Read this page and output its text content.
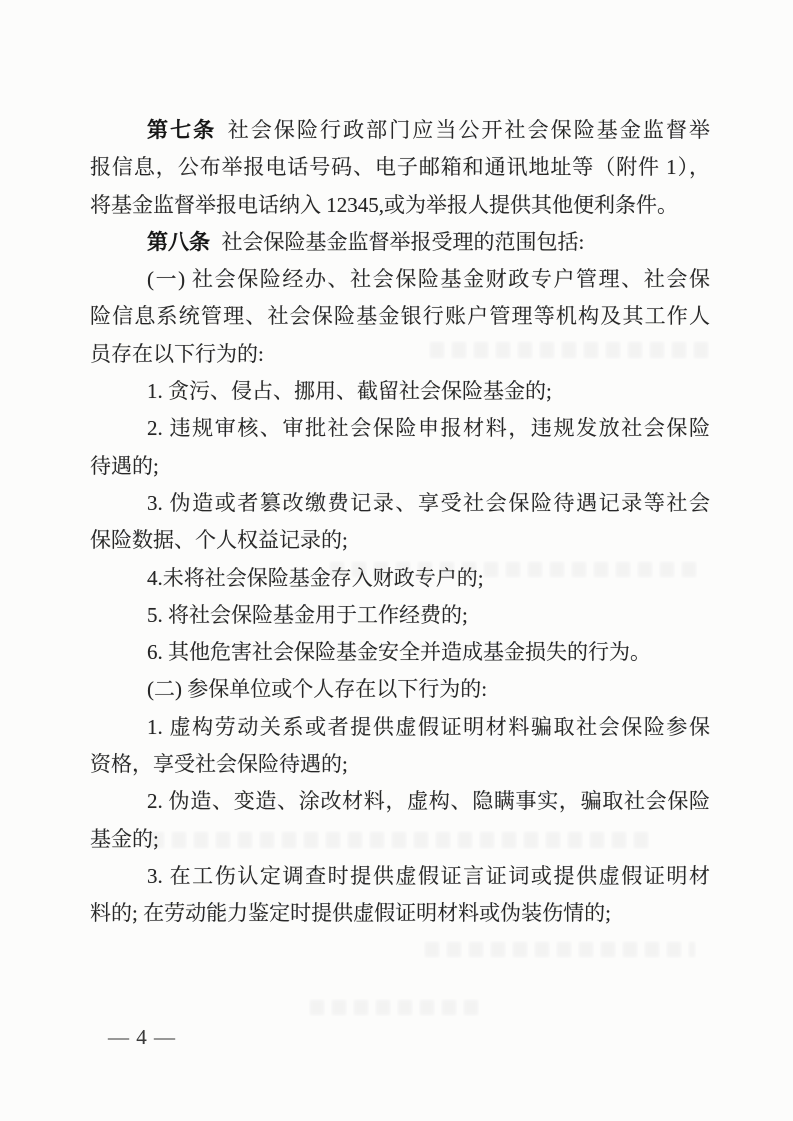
第七条 社会保险行政部门应当公开社会保险基金监督举
报信息，公布举报电话号码、电子邮箱和通讯地址等（附件 1），
将基金监督举报电话纳入 12345,或为举报人提供其他便利条件。
第八条 社会保险基金监督举报受理的范围包括:
(一) 社会保险经办、社会保险基金财政专户管理、社会保
险信息系统管理、社会保险基金银行账户管理等机构及其工作人
员存在以下行为的:
1. 贪污、侵占、挪用、截留社会保险基金的;
2. 违规审核、审批社会保险申报材料，违规发放社会保险
待遇的;
3. 伪造或者篡改缴费记录、享受社会保险待遇记录等社会
保险数据、个人权益记录的;
4.未将社会保险基金存入财政专户的;
5. 将社会保险基金用于工作经费的;
6. 其他危害社会保险基金安全并造成基金损失的行为。
(二) 参保单位或个人存在以下行为的:
1. 虚构劳动关系或者提供虚假证明材料骗取社会保险参保
资格，享受社会保险待遇的;
2. 伪造、变造、涂改材料，虚构、隐瞒事实，骗取社会保险
基金的;
3. 在工伤认定调查时提供虚假证言证词或提供虚假证明材
料的; 在劳动能力鉴定时提供虚假证明材料或伪装伤情的;
— 4 —
